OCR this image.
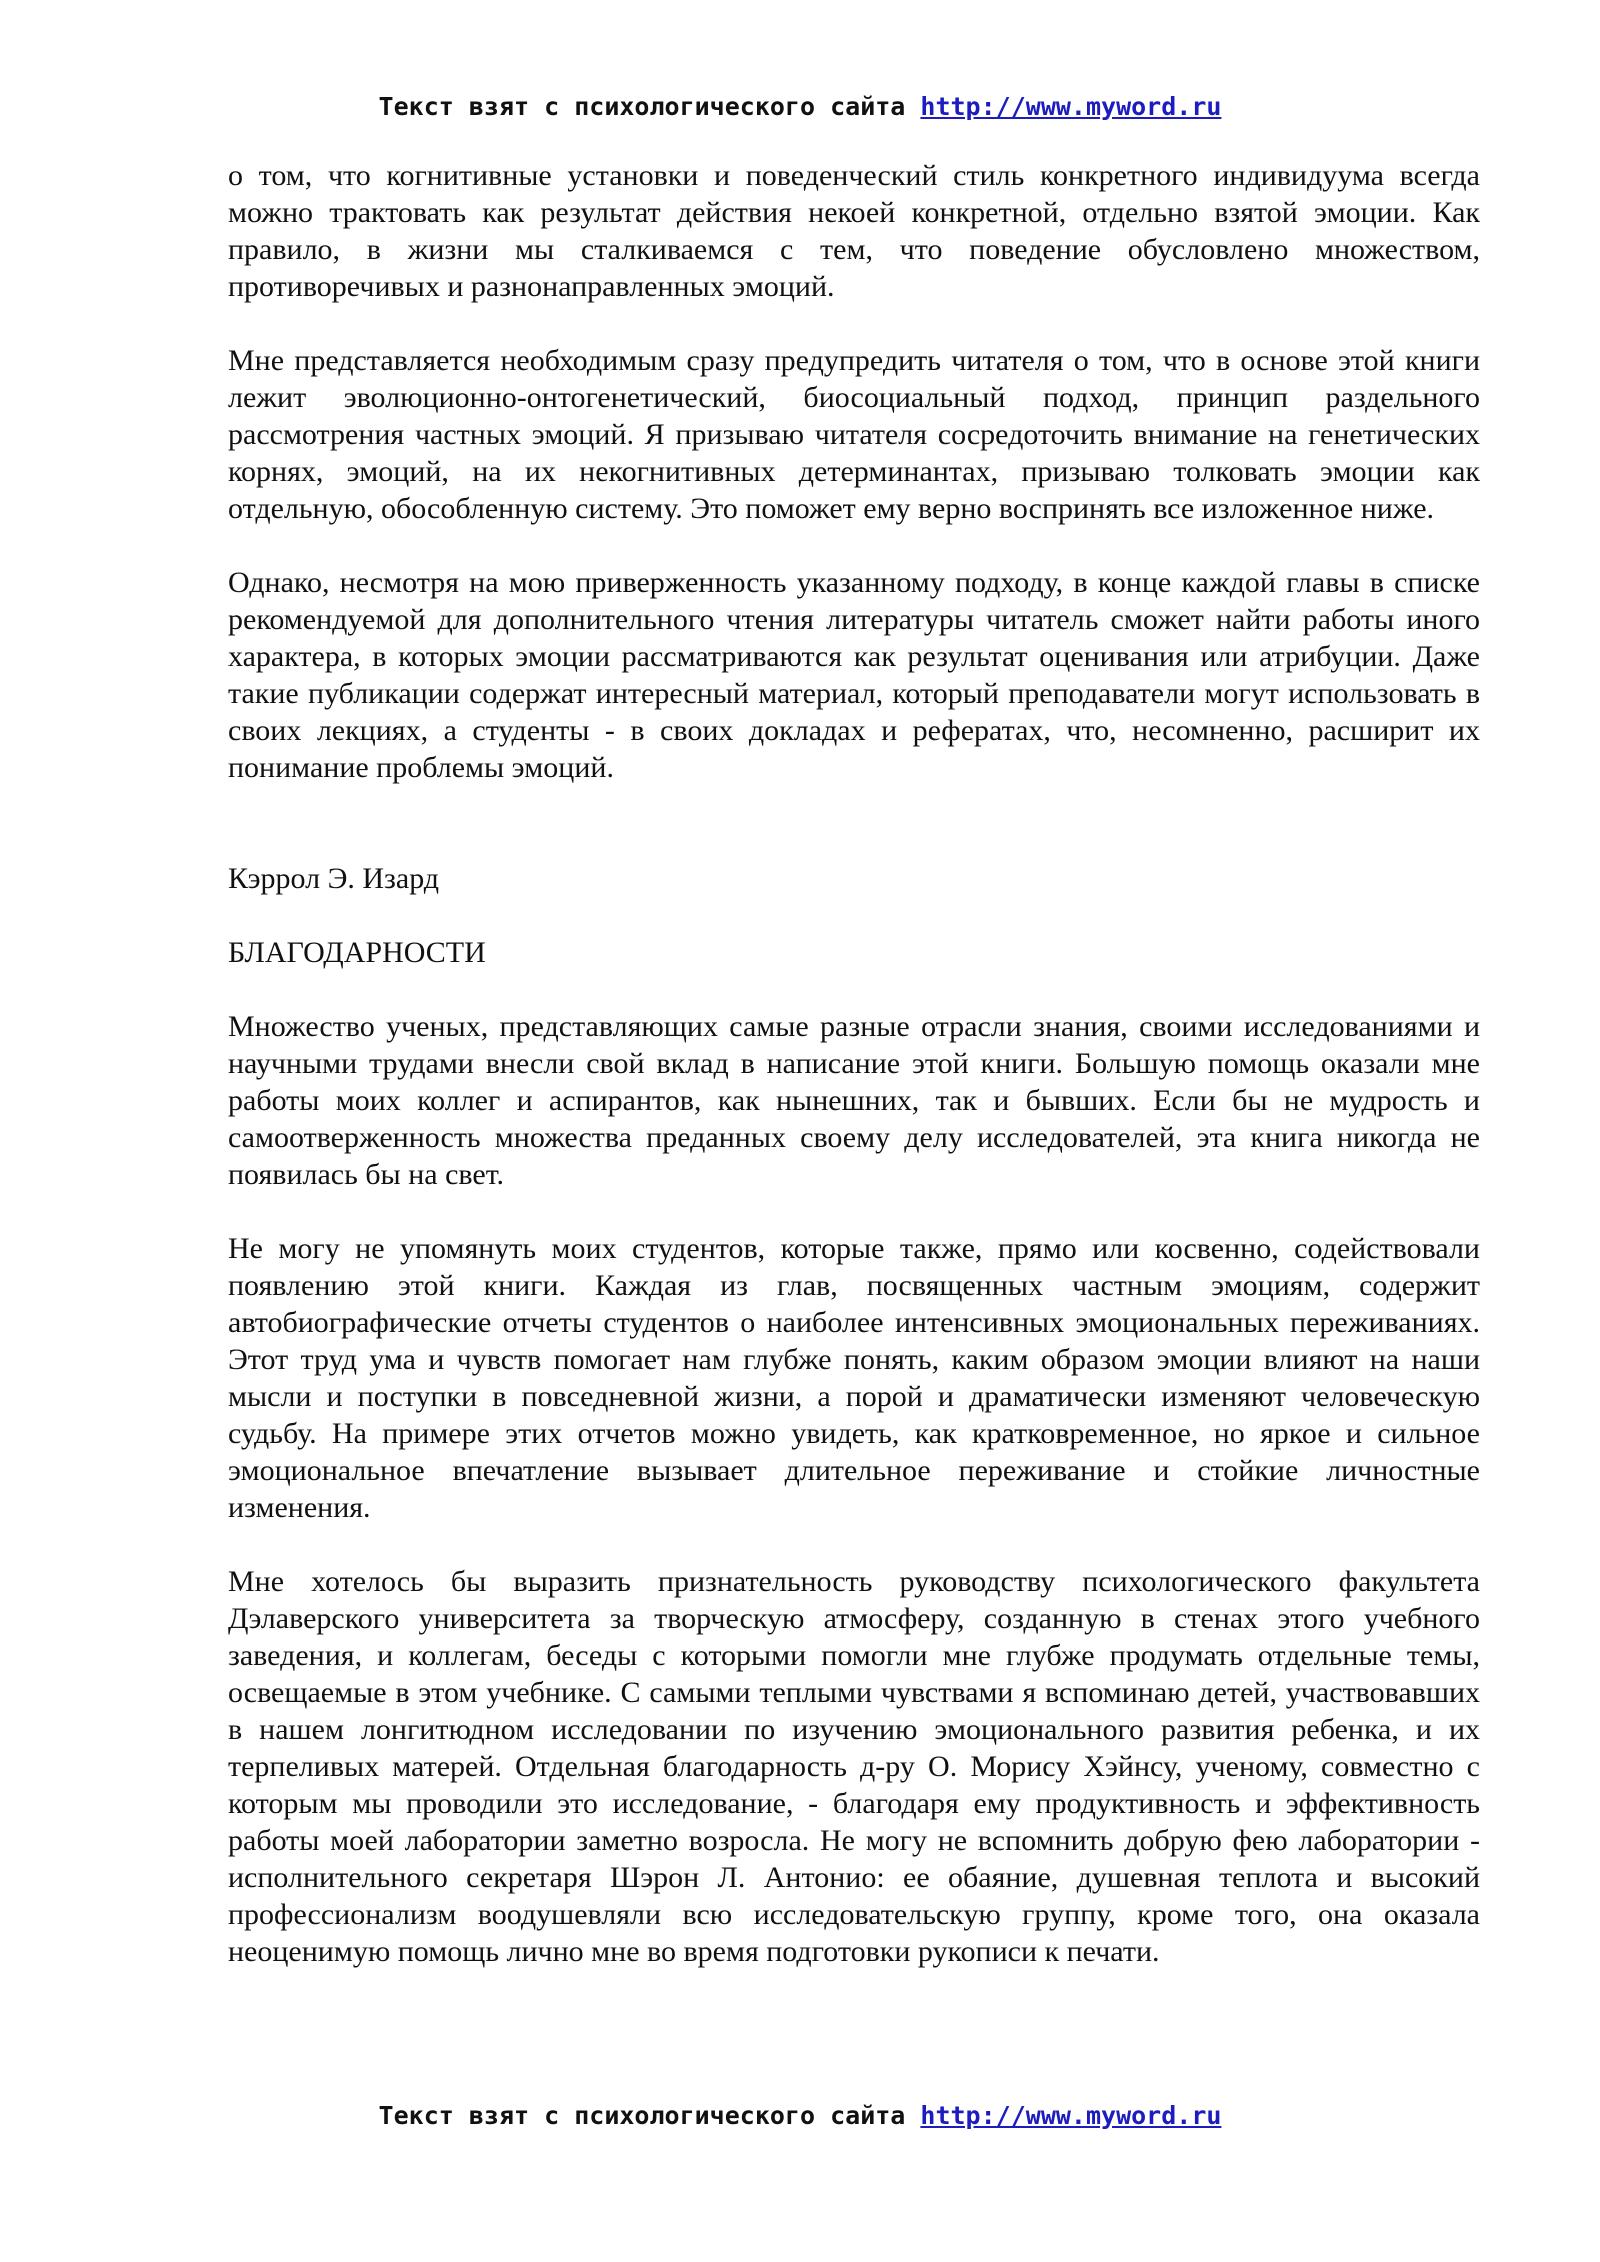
Текст взят с психологического сайта http://www.myword.ru

о том, что когнитивные установки и поведенческий стиль конкретного индивидуума всегда можно трактовать как результат действия некоей конкретной, отдельно взятой эмоции. Как правило, в жизни мы сталкиваемся с тем, что поведение обусловлено множеством, противоречивых и разнонаправленных эмоций.

Мне представляется необходимым сразу предупредить читателя о том, что в основе этой книги лежит эволюционно-онтогенетический, биосоциальный подход, принцип раздельного рассмотрения частных эмоций. Я призываю читателя сосредоточить внимание на генетических корнях, эмоций, на их некогнитивных детерминантах, призываю толковать эмоции как отдельную, обособленную систему. Это поможет ему верно воспринять все изложенное ниже.

Однако, несмотря на мою приверженность указанному подходу, в конце каждой главы в списке рекомендуемой для дополнительного чтения литературы читатель сможет найти работы иного характера, в которых эмоции рассматриваются как результат оценивания или атрибуции. Даже такие публикации содержат интересный материал, который преподаватели могут использовать в своих лекциях, а студенты - в своих докладах и рефератах, что, несомненно, расширит их понимание проблемы эмоций.

Кэррол Э. Изард

БЛАГОДАРНОСТИ

Множество ученых, представляющих самые разные отрасли знания, своими исследованиями и научными трудами внесли свой вклад в написание этой книги. Большую помощь оказали мне работы моих коллег и аспирантов, как нынешних, так и бывших. Если бы не мудрость и самоотверженность множества преданных своему делу исследователей, эта книга никогда не появилась бы на свет.

Не могу не упомянуть моих студентов, которые также, прямо или косвенно, содействовали появлению этой книги. Каждая из глав, посвященных частным эмоциям, содержит автобиографические отчеты студентов о наиболее интенсивных эмоциональных переживаниях. Этот труд ума и чувств помогает нам глубже понять, каким образом эмоции влияют на наши мысли и поступки в повседневной жизни, а порой и драматически изменяют человеческую судьбу. На примере этих отчетов можно увидеть, как кратковременное, но яркое и сильное эмоциональное впечатление вызывает длительное переживание и стойкие личностные изменения.

Мне хотелось бы выразить признательность руководству психологического факультета Дэлаверского университета за творческую атмосферу, созданную в стенах этого учебного заведения, и коллегам, беседы с которыми помогли мне глубже продумать отдельные темы, освещаемые в этом учебнике. С самыми теплыми чувствами я вспоминаю детей, участвовавших в нашем лонгитюдном исследовании по изучению эмоционального развития ребенка, и их терпеливых матерей. Отдельная благодарность д-ру О. Морису Хэйнсу, ученому, совместно с которым мы проводили это исследование, - благодаря ему продуктивность и эффективность работы моей лаборатории заметно возросла. Не могу не вспомнить добрую фею лаборатории - исполнительного секретаря Шэрон Л. Антонио: ее обаяние, душевная теплота и высокий профессионализм воодушевляли всю исследовательскую группу, кроме того, она оказала неоценимую помощь лично мне во время подготовки рукописи к печати.

Текст взят с психологического сайта http://www.myword.ru
